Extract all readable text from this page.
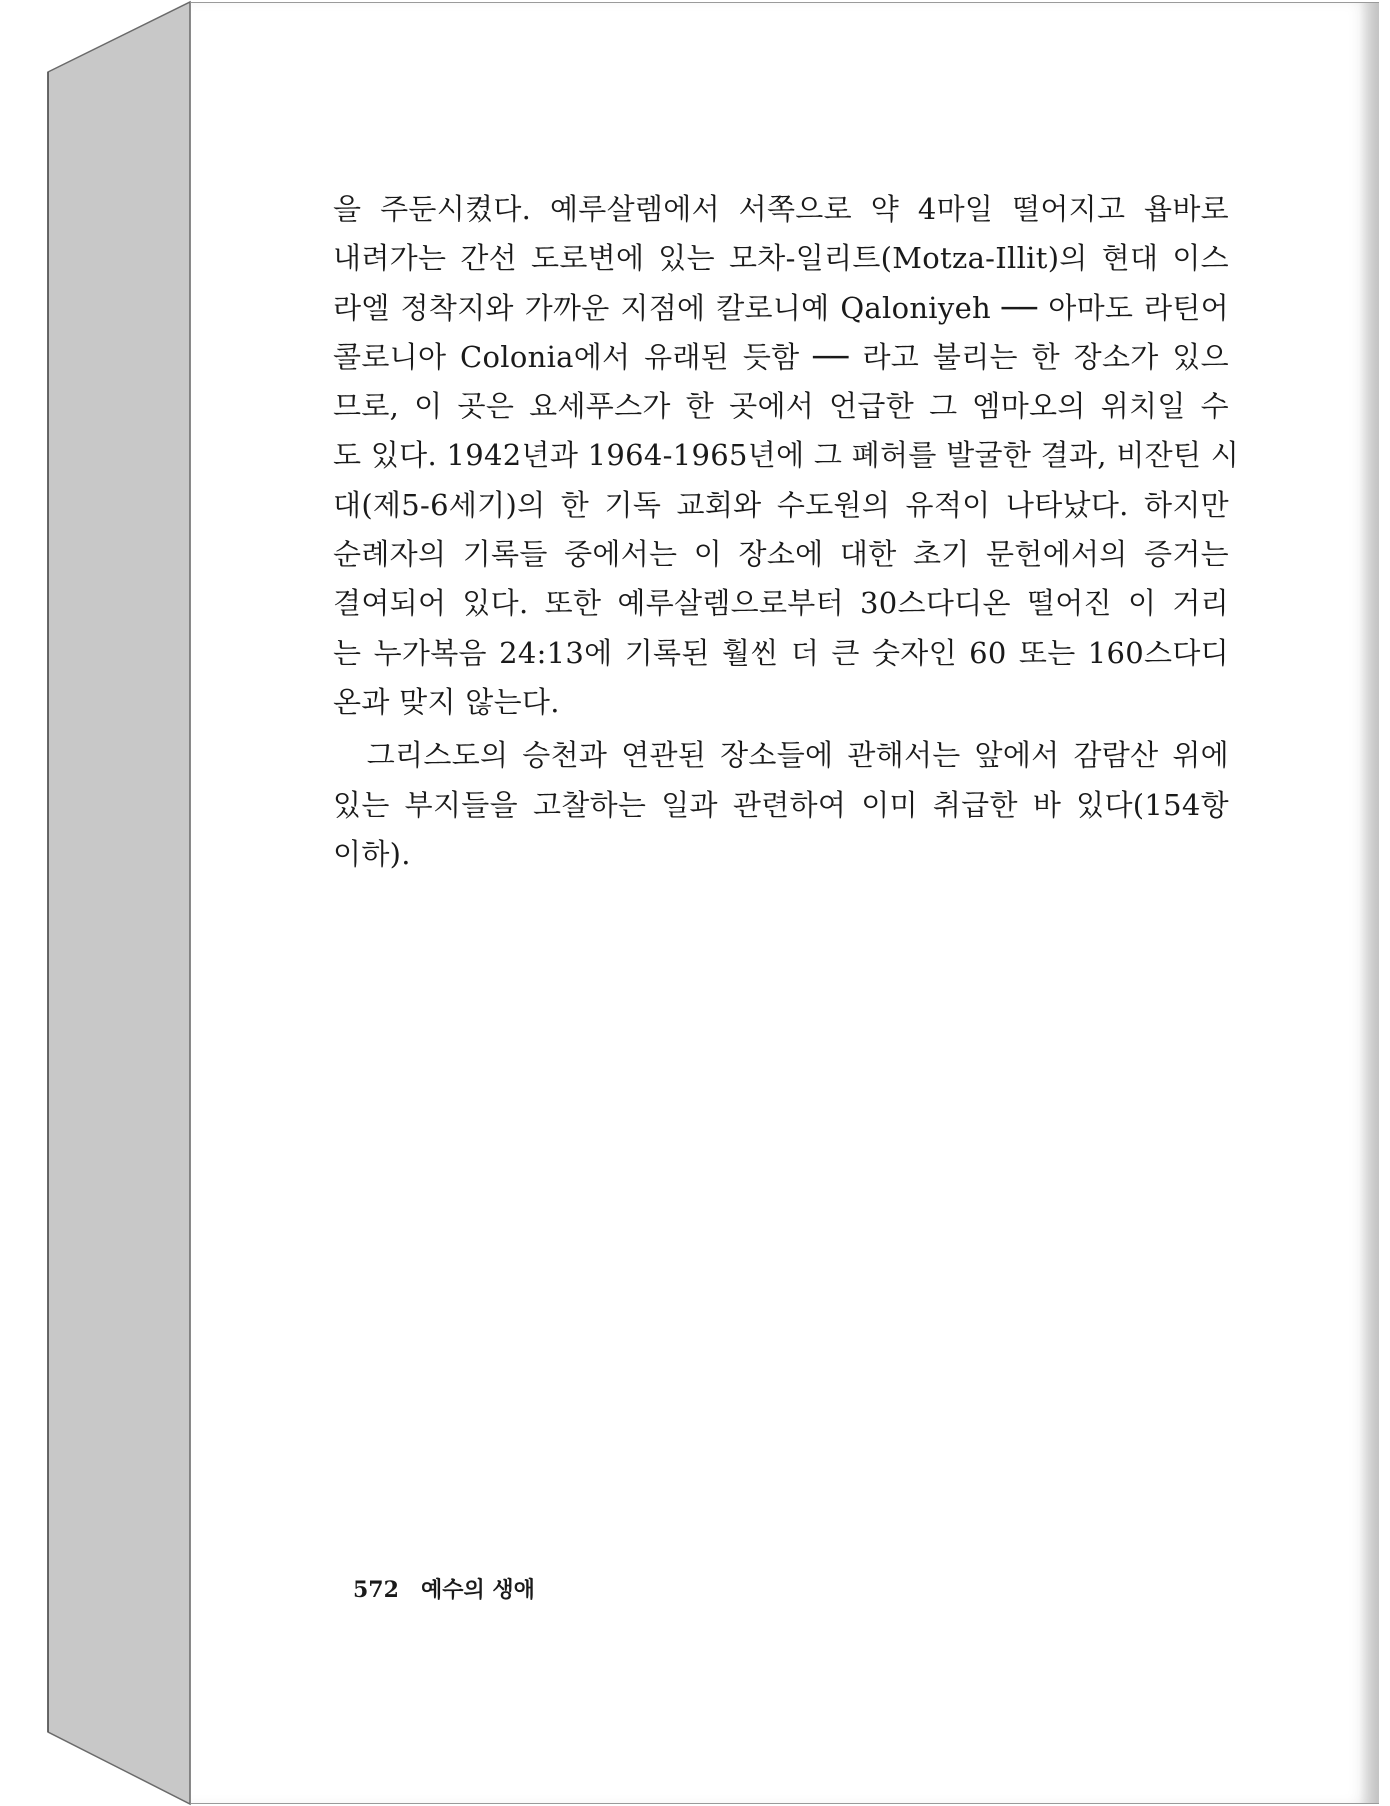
을 주둔시켰다. 예루살렘에서 서쪽으로 약 4마일 떨어지고 욥바로
내려가는 간선 도로변에 있는 모차-일리트(Motza-Illit)의 현대 이스
라엘 정착지와 가까운 지점에 칼로니예 Qaloniyeh ── 아마도 라틴어
콜로니아 Colonia에서 유래된 듯함 ── 라고 불리는 한 장소가 있으
므로, 이 곳은 요세푸스가 한 곳에서 언급한 그 엠마오의 위치일 수
도 있다. 1942년과 1964-1965년에 그 폐허를 발굴한 결과, 비잔틴 시
대(제5-6세기)의 한 기독 교회와 수도원의 유적이 나타났다. 하지만
순례자의 기록들 중에서는 이 장소에 대한 초기 문헌에서의 증거는
결여되어 있다. 또한 예루살렘으로부터 30스다디온 떨어진 이 거리
는 누가복음 24:13에 기록된 훨씬 더 큰 숫자인 60 또는 160스다디
온과 맞지 않는다.
　그리스도의 승천과 연관된 장소들에 관해서는 앞에서 감람산 위에
있는 부지들을 고찰하는 일과 관련하여 이미 취급한 바 있다(154항
이하).
572 예수의 생애
